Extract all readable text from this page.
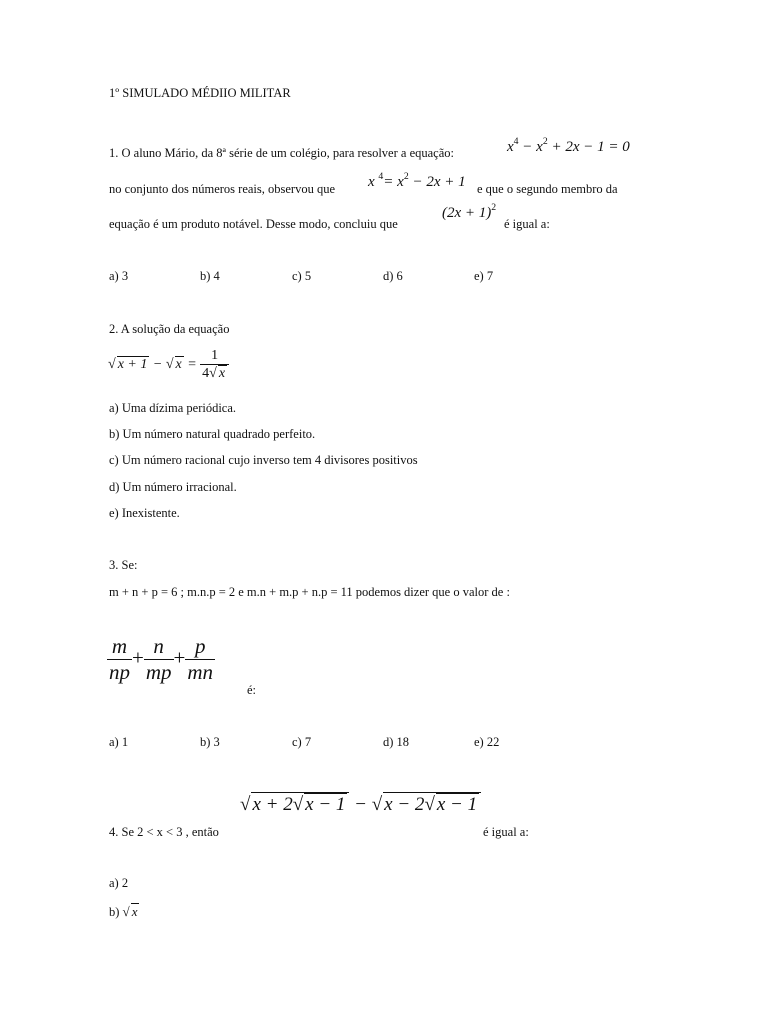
1º SIMULADO MÉDIIO MILITAR
1. O aluno Mário, da 8ª série de um colégio, para resolver a equação:	$x^4 - x^2 + 2x - 1 = 0$
no conjunto dos números reais, observou que x $^4= x^2 - 2x + 1$ e que o segundo membro da
equação é um produto notável. Desse modo, concluiu que
$(2x + 1)^2$
é igual a:
a) 3	b) 4	c) 5	d) 6	e) 7
2. A solução da equação
√ x + 1 − √ $x = \frac{1}{4√ x}$
a) Uma dízima periódica.
b) Um número natural quadrado perfeito.
c) Um número racional cujo inverso tem 4 divisores positivos
d) Um número irracional.
e) Inexistente.
3. Se:
m + n + p = 6 ; m.n.p = 2 e m.n + m.p + n.p = 11 podemos dizer que o valor de :
$\frac{m}{np} + \frac{n}{mp} + \frac{p}{mn}$
é:
a) 1	b) 3	c) 7	d) 18	e) 22
√ x + 2√ x − 1 − √ x − 2√ x − 1
4. Se 2 < x < 3 , então	é igual a:
a) 2
b) √ x
